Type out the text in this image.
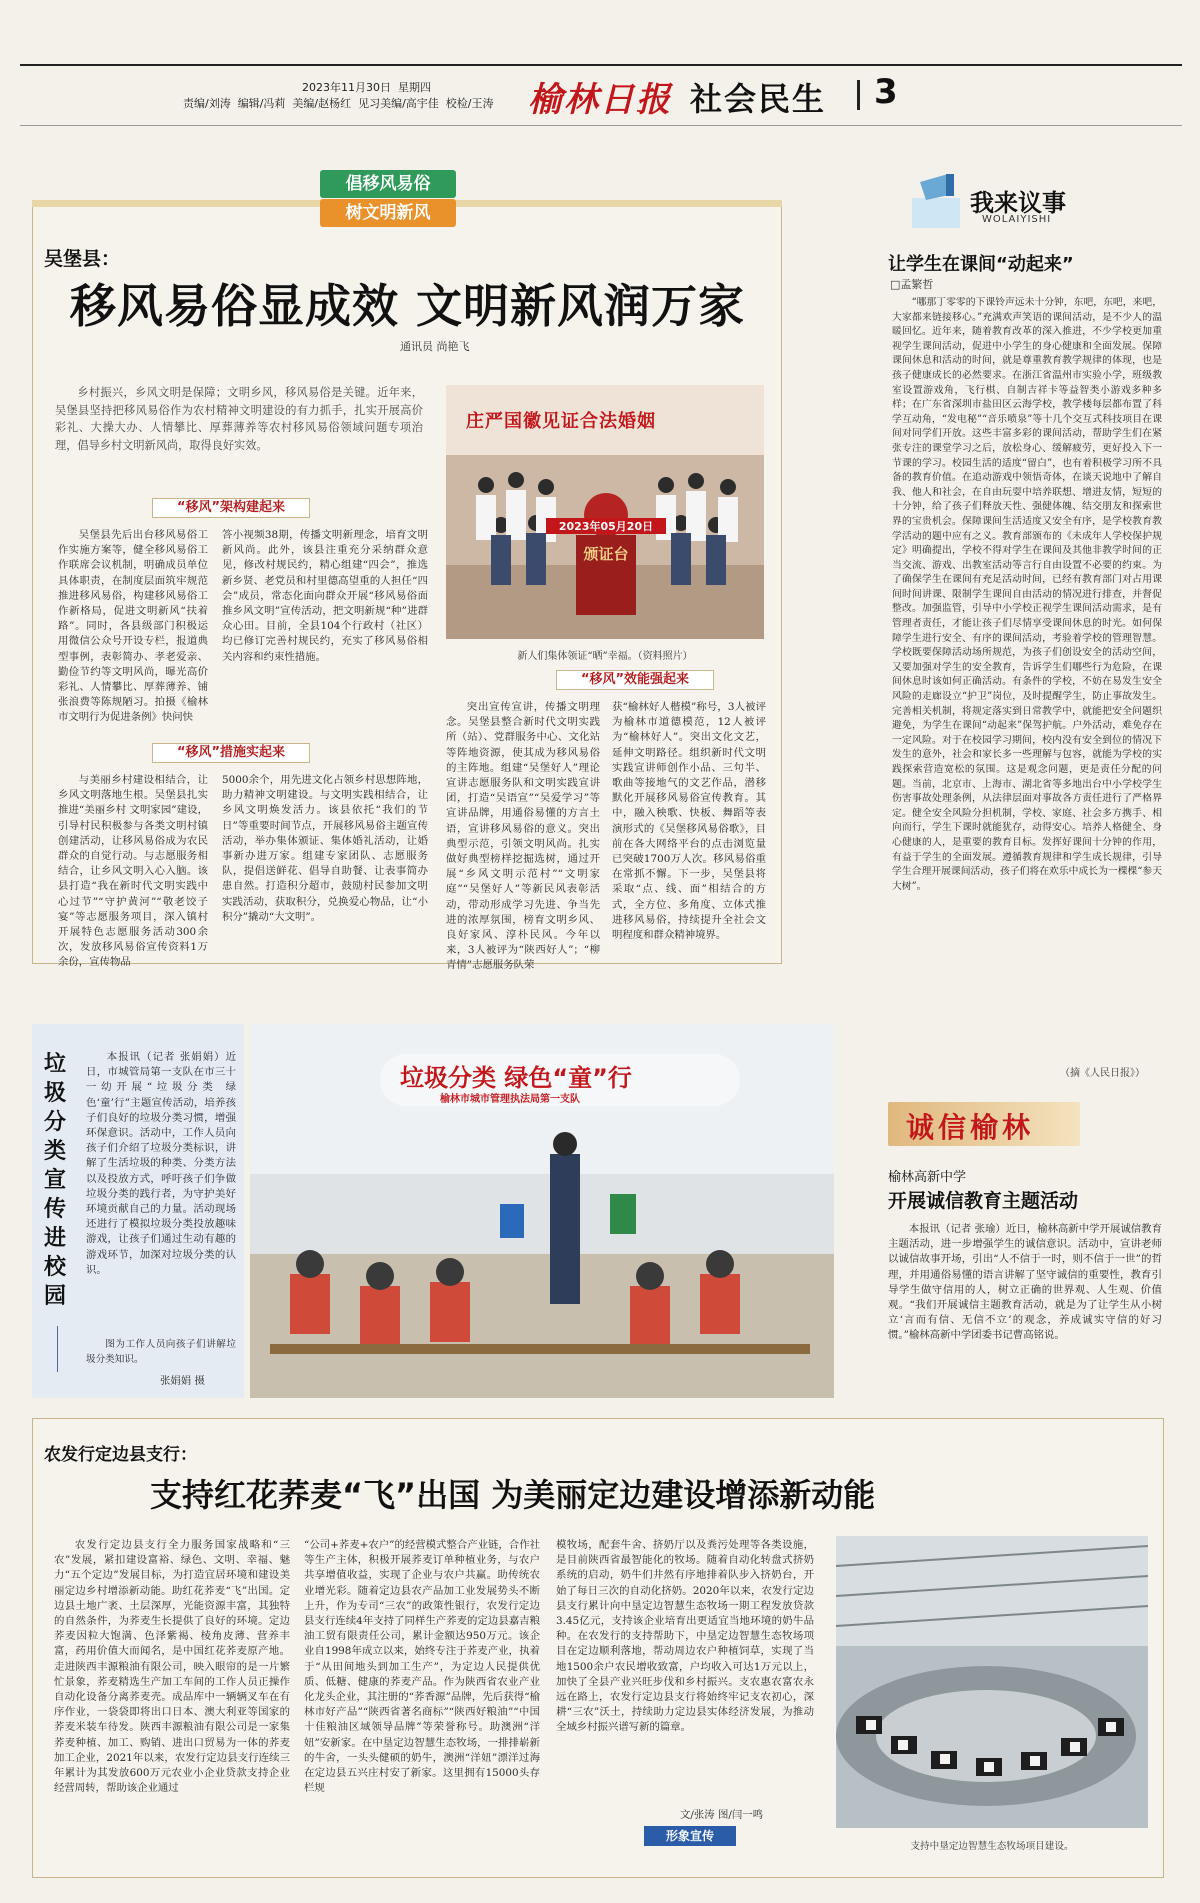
2023年11月30日 星期四
责编/刘涛  编辑/冯莉  美编/赵杨红  见习美编/高宇佳  校检/王涛 榆林日报 社会民生 3
倡移风易俗
树文明新风
吴堡县：
移风易俗显成效 文明新风润万家
通讯员 尚艳飞
乡村振兴，乡风文明是保障；文明乡风，移风易俗是关键。近年来，吴堡县坚持把移风易俗作为农村精神文明建设的有力抓手，扎实开展高价彩礼、大操大办、人情攀比、厚葬薄养等农村移风易俗领域问题专项治理，倡导乡村文明新风尚，取得良好实效。
庄严国徽见证合法婚姻
颁证台
2023年05月20日
新人们集体领证“晒”幸福。（资料照片）
“移风”架构建起来
吴堡县先后出台移风易俗工作实施方案等，健全移风易俗工作联席会议机制，明确成员单位具体职责，在制度层面筑牢规范推进移风易俗，构建移风易俗工作新格局，促进文明新风“扶着路”。同时，各县级部门积极运用微信公众号开设专栏，报道典型事例，表彰简办、孝老爱亲、勤俭节约等文明风尚，曝光高价彩礼、人情攀比、厚葬薄养、铺张浪费等陈规陋习。拍摄《榆林市文明行为促进条例》快问快
答小视频38期，传播文明新理念，培育文明新风尚。此外，该县注重充分采纳群众意见，修改村规民约，精心组建“四会”，推选新乡贤、老党员和村里德高望重的人担任“四会”成员，常态化面向群众开展“移风易俗面推乡风文明”宣传活动，把文明新规“种”进群众心田。目前，全县104个行政村（社区）均已修订完善村规民约，充实了移风易俗相关内容和约束性措施。
“移风”措施实起来
与美丽乡村建设相结合，让乡风文明落地生根。吴堡县扎实推进“美丽乡村 文明家园”建设，引导村民积极参与各类文明村镇创建活动，让移风易俗成为农民群众的自觉行动。与志愿服务相结合，让乡风文明入心入脑。该县打造“我在新时代文明实践中心过节”“守护黄河”“敬老饺子宴”等志愿服务项目，深入镇村开展特色志愿服务活动300余次，发放移风易俗宣传资料1万余份，宣传物品
5000余个，用先进文化占领乡村思想阵地，助力精神文明建设。与文明实践相结合，让乡风文明焕发活力。该县依托“我们的节日”等重要时间节点，开展移风易俗主题宣传活动，举办集体颁证、集体婚礼活动，让婚事新办进万家。组建专家团队、志愿服务队，提倡送鲜花、倡导自助餐、让表事简办患自然。打造积分超市，鼓励村民参加文明实践活动，获取积分，兑换爱心物品，让“小积分”撬动“大文明”。
“移风”效能强起来
突出宣传宣讲，传播文明理念。吴堡县整合新时代文明实践所（站）、党群服务中心、文化站等阵地资源，使其成为移风易俗的主阵地。组建“吴堡好人”理论宣讲志愿服务队和文明实践宣讲团，打造“吴语宣”“吴爱学习”等宣讲品牌，用通俗易懂的方言土语，宣讲移风易俗的意义。突出典型示范，引领文明风尚。扎实做好典型榜样挖掘选树，通过开展“乡风文明示范村”“文明家庭”“吴堡好人”等新民风表彰活动，带动形成学习先进、争当先进的浓厚氛围，榜育文明乡风、良好家风、淳朴民风。今年以来，3人被评为“陕西好人”；“柳青情”志愿服务队荣
获“榆林好人楷模”称号，3人被评为榆林市道德模范，12人被评为“榆林好人”。突出文化文艺，延伸文明路径。组织新时代文明实践宣讲师创作小品、三句半、歌曲等接地气的文艺作品，潜移默化开展移风易俗宣传教育。其中，融入秧歌、快板、舞蹈等表演形式的《吴堡移风易俗歌》，目前在各大网络平台的点击浏览量已突破1700万人次。移风易俗重在常抓不懈。下一步，吴堡县将采取“点、线、面”相结合的方式，全方位、多角度、立体式推进移风易俗，持续提升全社会文明程度和群众精神境界。
我来议事
WOLAIYISHI
让学生在课间“动起来”
□孟繁哲
“哪那丁零零的下课铃声远未十分钟，东吧，东吧，来吧，大家都来链接移心。”充满欢声笑语的课间活动，是不少人的温暖回忆。近年来，随着教育改革的深入推进，不少学校更加重视学生课间活动，促进中小学生的身心健康和全面发展。保障课间休息和活动的时间，就是尊重教育教学规律的体现，也是孩子健康成长的必然要求。在浙江省温州市实验小学，班级教室设置游戏角，飞行棋、自制吉祥卡等益智类小游戏多种多样；在广东省深圳市盐田区云海学校，教学楼每层都布置了科学互动角，“发电秘”“音乐喷泉”等十几个交互式科技项目在课间对同学们开放。这些丰富多彩的课间活动，帮助学生们在紧张专注的课堂学习之后，放松身心、缓解疲劳，更好投入下一节课的学习。校园生活的适度“留白”，也有着积极学习所不具备的教育价值。在追动游戏中领悟奇体，在谈天说地中了解自我、他人和社会，在自由玩耍中培养联想、增进友情，短短的十分钟，给了孩子们释放天性、强健体魄、结交朋友和探索世界的宝贵机会。保障课间生活适度又安全有序，是学校教育教学活动的题中应有之义。教育部颁布的《未成年人学校保护规定》明确提出，学校不得对学生在课间及其他非教学时间的正当交流、游戏、出教室活动等言行自由设置不必要的约束。为了确保学生在课间有充足活动时间，已经有教育部门对占用课间时间讲课、限制学生课间自由活动的情况进行排查，并督促整改。加强监管，引导中小学校正视学生课间活动需求，是有管理者责任，才能让孩子们尽情享受课间休息的时光。如何保障学生进行安全、有序的课间活动，考验着学校的管理智慧。学校既要保障活动场所规范，为孩子们创设安全的活动空间，又要加强对学生的安全教育，告诉学生们哪些行为危险，在课间休息时该如何正确活动。有条件的学校，不妨在易发生安全风险的走廊设立“护卫”岗位，及时提醒学生，防止事故发生。完善相关机制，将规定落实到日常教学中，就能把安全问题织避免，为学生在课间“动起来”保驾护航。户外活动，难免存在一定风险。对于在校园学习期间，校内没有安全到位的情况下发生的意外，社会和家长多一些理解与包容，就能为学校的实践探索营造宽松的氛围。这是观念问题，更是责任分配的问题。当前，北京市、上海市、湖北省等多地出台中小学校学生伤害事故处理条例，从法律层面对事故各方责任进行了严格界定。健全安全风险分担机制，学校、家庭、社会多方携手、相向而行，学生下课时就能犹存，动得安心。培养人格健全、身心健康的人，是重要的教育目标。发挥好课间十分钟的作用，有益于学生的全面发展。遵循教育规律和学生成长规律，引导学生合理开展课间活动，孩子们将在欢乐中成长为一棵棵“参天大树”。
（摘《人民日报》）
诚信榆林
榆林高新中学
开展诚信教育主题活动
本报讯（记者 张瑜）近日，榆林高新中学开展诚信教育主题活动，进一步增强学生的诚信意识。活动中，宣讲老师以诚信故事开场，引出“人不信于一时，则不信于一世”的哲理，并用通俗易懂的语言讲解了坚守诚信的重要性，教育引导学生做守信用的人，树立正确的世界观、人生观、价值观。“我们开展诚信主题教育活动，就是为了让学生从小树立‘言而有信、无信不立’的观念，养成诚实守信的好习惯。”榆林高新中学团委书记曹高铭说。
垃圾分类宣传进校园
本报讯（记者 张娟娟）近日，市城管局第一支队在市三十一幼开展“垃圾分类 绿色‘童’行”主题宣传活动，培养孩子们良好的垃圾分类习惯，增强环保意识。活动中，工作人员向孩子们介绍了垃圾分类标识，讲解了生活垃圾的种类、分类方法以及投放方式，呼吁孩子们争做垃圾分类的践行者，为守护美好环境贡献自己的力量。活动现场还进行了模拟垃圾分类投放趣味游戏，让孩子们通过生动有趣的游戏环节，加深对垃圾分类的认识。
图为工作人员向孩子们讲解垃圾分类知识。
张娟娟 摄
垃圾分类 绿色“童”行
榆林市城市管理执法局第一支队
农发行定边县支行：
支持红花荞麦“飞”出国 为美丽定边建设增添新动能
农发行定边县支行全力服务国家战略和“三农”发展，紧扣建设富裕、绿色、文明、幸福、魅力“五个定边”发展目标，为打造宜居环境和建设美丽定边乡村增添新动能。助红花荞麦“飞”出国。定边县土地广袤、土层深厚，光能资源丰富，其独特的自然条件，为荞麦生长提供了良好的环境。定边荞麦因粒大饱满、色泽紫褐、棱角皮薄、营养丰富，药用价值大而闻名，是中国红花荞麦原产地。走进陕西丰源粮油有限公司，映入眼帘的是一片繁忙景象，荞麦精选生产加工车间的工作人员正操作自动化设备分离荞麦壳。成品库中一辆辆叉车在有序作业，一袋袋即将出口日本、澳大利亚等国家的荞麦米装车待发。陕西丰源粮油有限公司是一家集荞麦种植、加工、购销、进出口贸易为一体的荞麦加工企业，2021年以来，农发行定边县支行连续三年累计为其发放600万元农业小企业贷款支持企业经营周转，帮助该企业通过
“公司+荞麦+农户”的经营模式整合产业链，合作社等生产主体，积极开展荞麦订单种植业务，与农户共享增值收益，实现了企业与农户共赢。助传统农业增光彩。随着定边县农产品加工业发展势头不断上升，作为专司“三农”的政策性银行，农发行定边县支行连续4年支持了同样生产荞麦的定边县嘉吉粮油工贸有限责任公司，累计金额达950万元。该企业自1998年成立以来，始终专注于荞麦产业，执着于“从田间地头到加工生产”，为定边人民提供优质、低糖、健康的荞麦产品。作为陕西省农业产业化龙头企业，其注册的“荞香源”品牌，先后获得“榆林市好产品”“陕西省著名商标”“陕西好粮油”“中国十佳粮油区域领导品牌”等荣誉称号。助澳洲“洋妞”安新家。在中垦定边智慧生态牧场，一排排崭新的牛舍，一头头健硕的奶牛，澳洲“洋妞”漂洋过海在定边县五兴庄村安了新家。这里拥有15000头存栏规
模牧场，配套牛舍、挤奶厅以及粪污处理等各类设施，是目前陕西省最智能化的牧场。随着自动化转盘式挤奶系统的启动，奶牛们井然有序地排着队步入挤奶台，开始了每日三次的自动化挤奶。2020年以来，农发行定边县支行累计向中垦定边智慧生态牧场一期工程发放贷款3.45亿元，支持该企业培育出更适宜当地环境的奶牛品种。在农发行的支持帮助下，中垦定边智慧生态牧场项目在定边顺利落地，帮动周边农户种植饲草，实现了当地1500余户农民增收致富，户均收入可达1万元以上，加快了全县产业兴旺步伐和乡村振兴。支农惠农富农永远在路上，农发行定边县支行将始终牢记支农初心，深耕“三农”沃土，持续助力定边县实体经济发展，为推动全域乡村振兴谱写新的篇章。
文/张涛 图/闫一鸣
形象宣传
支持中垦定边智慧生态牧场项目建设。
